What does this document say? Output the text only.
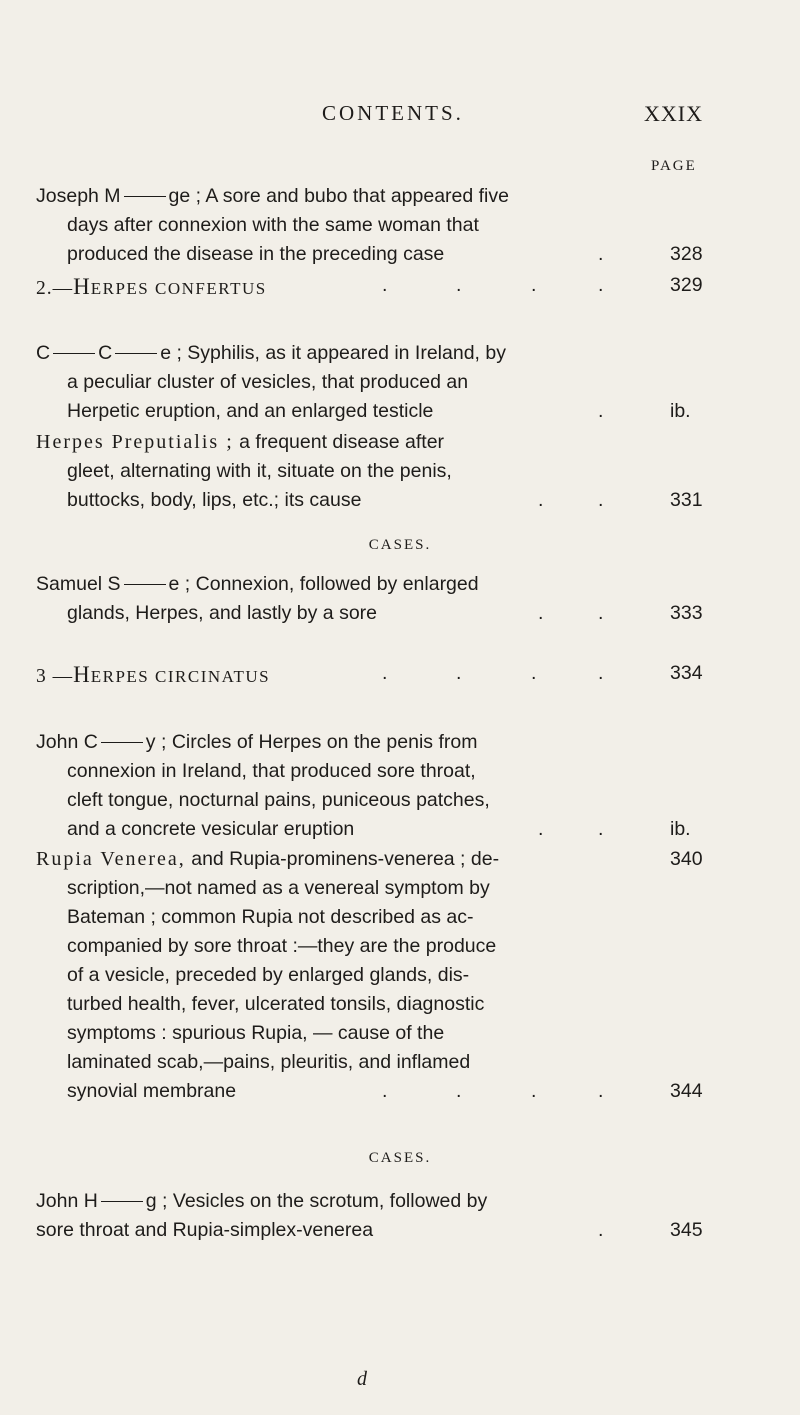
CONTENTS.	XXIX
PAGE
Joseph M ge ; A sore and bubo that appeared five
days after connexion with the same woman that
produced the disease in the preceding case	.	328
2.—HERPES CONFERTUS	.	.	.	.	329
C C e ; Syphilis, as it appeared in Ireland, by
a peculiar cluster of vesicles, that produced an
Herpetic eruption, and an enlarged testicle	.	ib.
Herpes Preputialis ; a frequent disease after
gleet, alternating with it, situate on the penis,
buttocks, body, lips, etc.; its cause	.	.	331
CASES.
Samuel S e ; Connexion, followed by enlarged
glands, Herpes, and lastly by a sore	.	.	333
3 —HERPES CIRCINATUS	.	.	.	.	334
John C y ; Circles of Herpes on the penis from
connexion in Ireland, that produced sore throat,
cleft tongue, nocturnal pains, puniceous patches,
and a concrete vesicular eruption	.	.	ib.
Rupia Venerea, and Rupia-prominens-venerea ; de-	340
scription,—not named as a venereal symptom by
Bateman ; common Rupia not described as ac-
companied by sore throat :—they are the produce
of a vesicle, preceded by enlarged glands, dis-
turbed health, fever, ulcerated tonsils, diagnostic
symptoms : spurious Rupia, — cause of the
laminated scab,—pains, pleuritis, and inflamed
synovial membrane	.	.	.	.	344
CASES.
John H g ; Vesicles on the scrotum, followed by
sore throat and Rupia-simplex-venerea	.	345
d
